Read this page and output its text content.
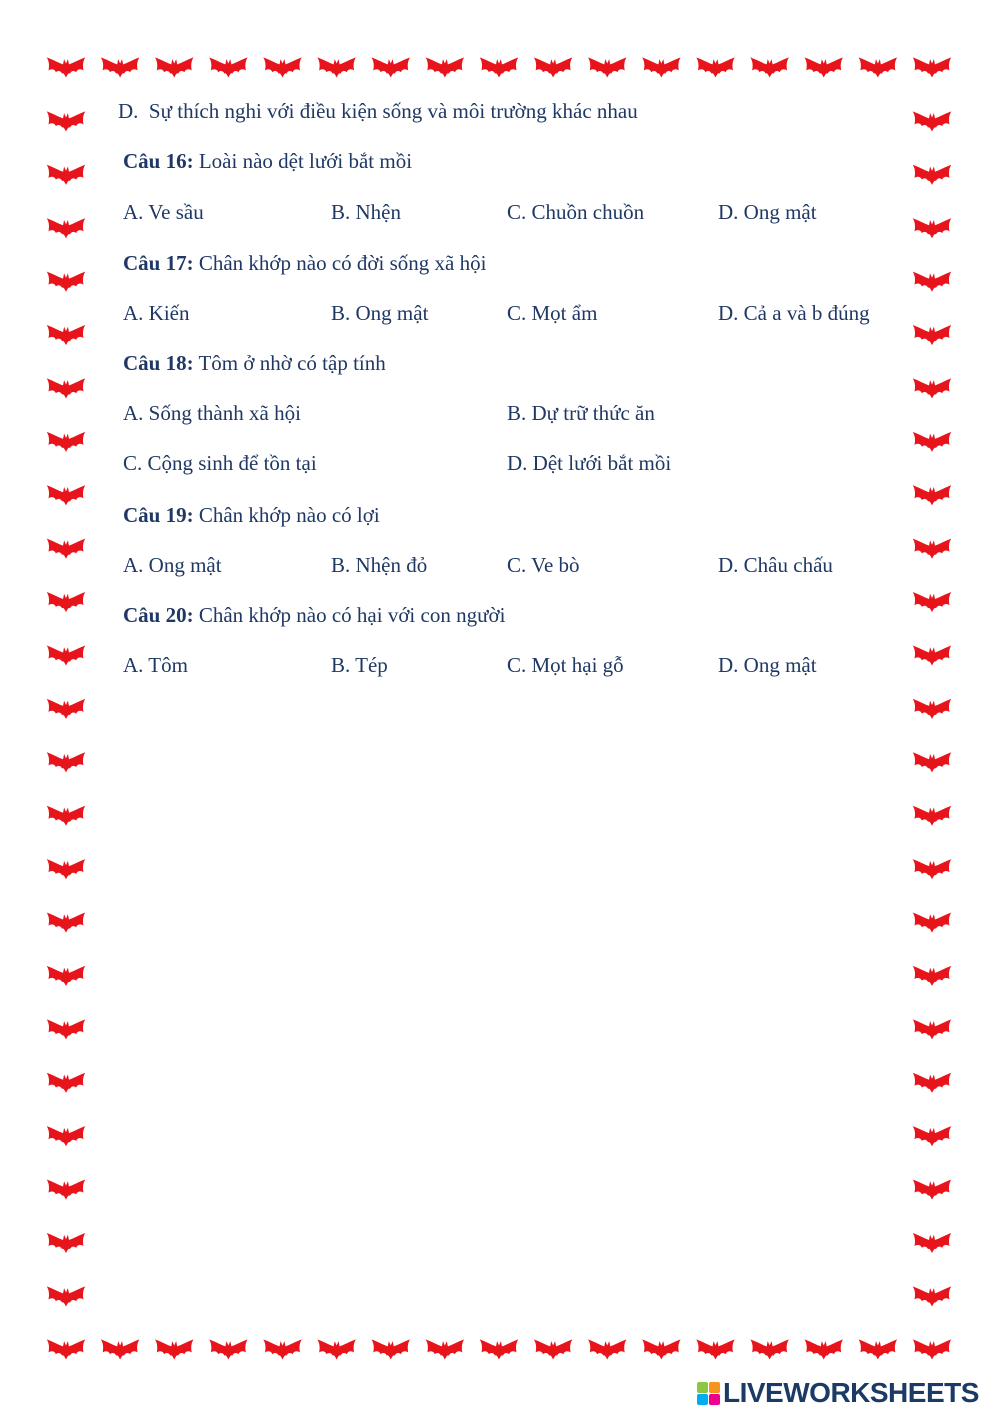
D. Sự thích nghi với điều kiện sống và môi trường khác nhau
Câu 16: Loài nào dệt lưới bắt mồi
A. Ve sầu	B. Nhện	C. Chuồn chuồn	D. Ong mật
Câu 17: Chân khớp nào có đời sống xã hội
A. Kiến	B. Ong mật	C. Mọt ẩm	D. Cả a và b đúng
Câu 18: Tôm ở nhờ có tập tính
A. Sống thành xã hội	B. Dự trữ thức ăn
C. Cộng sinh để tồn tại	D. Dệt lưới bắt mồi
Câu 19: Chân khớp nào có lợi
A. Ong mật	B. Nhện đỏ	C. Ve bò	D. Châu chấu
Câu 20: Chân khớp nào có hại với con người
A. Tôm	B. Tép	C. Mọt hại gỗ	D. Ong mật
LIVEWORKSHEETS
